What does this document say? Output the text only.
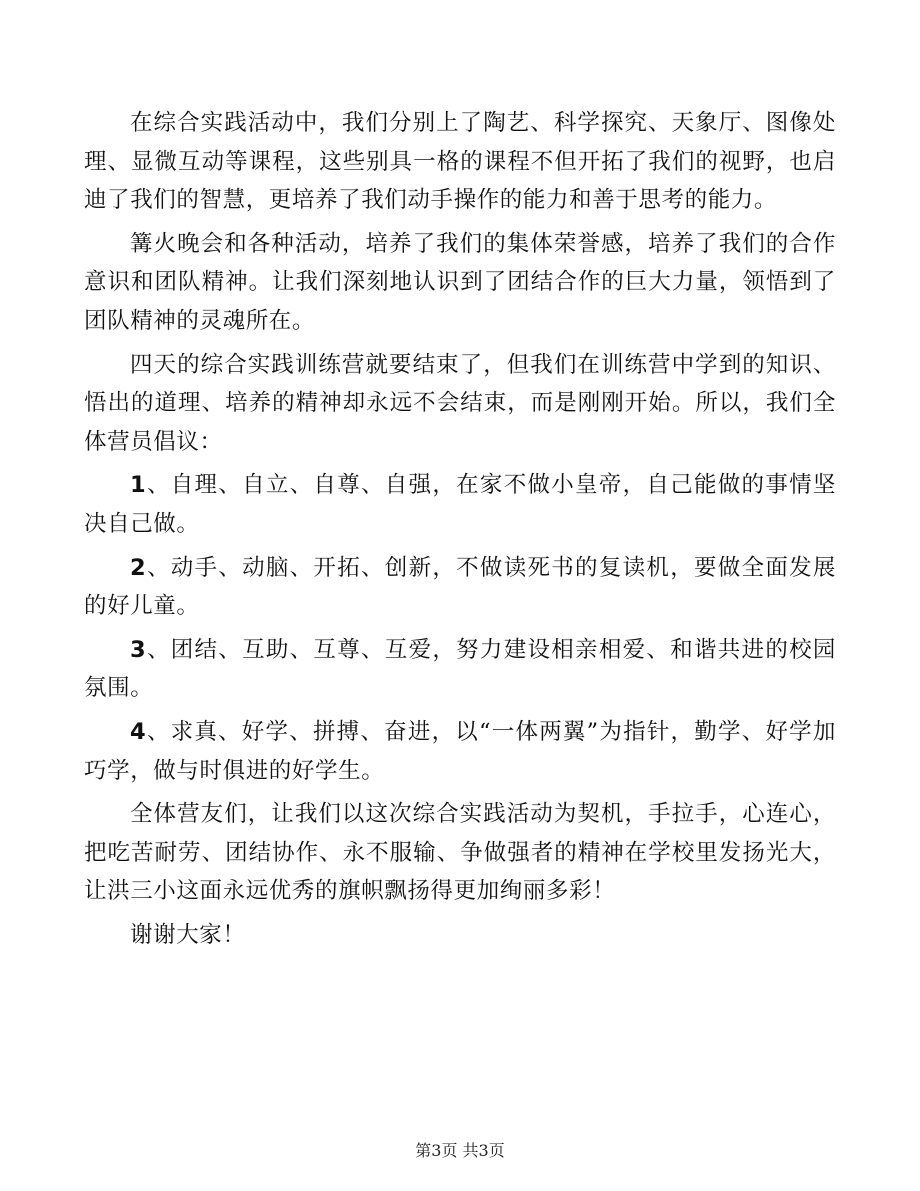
在综合实践活动中，我们分别上了陶艺、科学探究、天象厅、图像处理、显微互动等课程，这些别具一格的课程不但开拓了我们的视野，也启迪了我们的智慧，更培养了我们动手操作的能力和善于思考的能力。

篝火晚会和各种活动，培养了我们的集体荣誉感，培养了我们的合作意识和团队精神。让我们深刻地认识到了团结合作的巨大力量，领悟到了团队精神的灵魂所在。

四天的综合实践训练营就要结束了，但我们在训练营中学到的知识、悟出的道理、培养的精神却永远不会结束，而是刚刚开始。所以，我们全体营员倡议：

1、自理、自立、自尊、自强，在家不做小皇帝，自己能做的事情坚决自己做。

2、动手、动脑、开拓、创新，不做读死书的复读机，要做全面发展的好儿童。

3、团结、互助、互尊、互爱，努力建设相亲相爱、和谐共进的校园氛围。

4、求真、好学、拼搏、奋进，以“一体两翼”为指针，勤学、好学加巧学，做与时俱进的好学生。

全体营友们，让我们以这次综合实践活动为契机，手拉手，心连心，把吃苦耐劳、团结协作、永不服输、争做强者的精神在学校里发扬光大，让洪三小这面永远优秀的旗帜飘扬得更加绚丽多彩！

谢谢大家！

第3页 共3页
